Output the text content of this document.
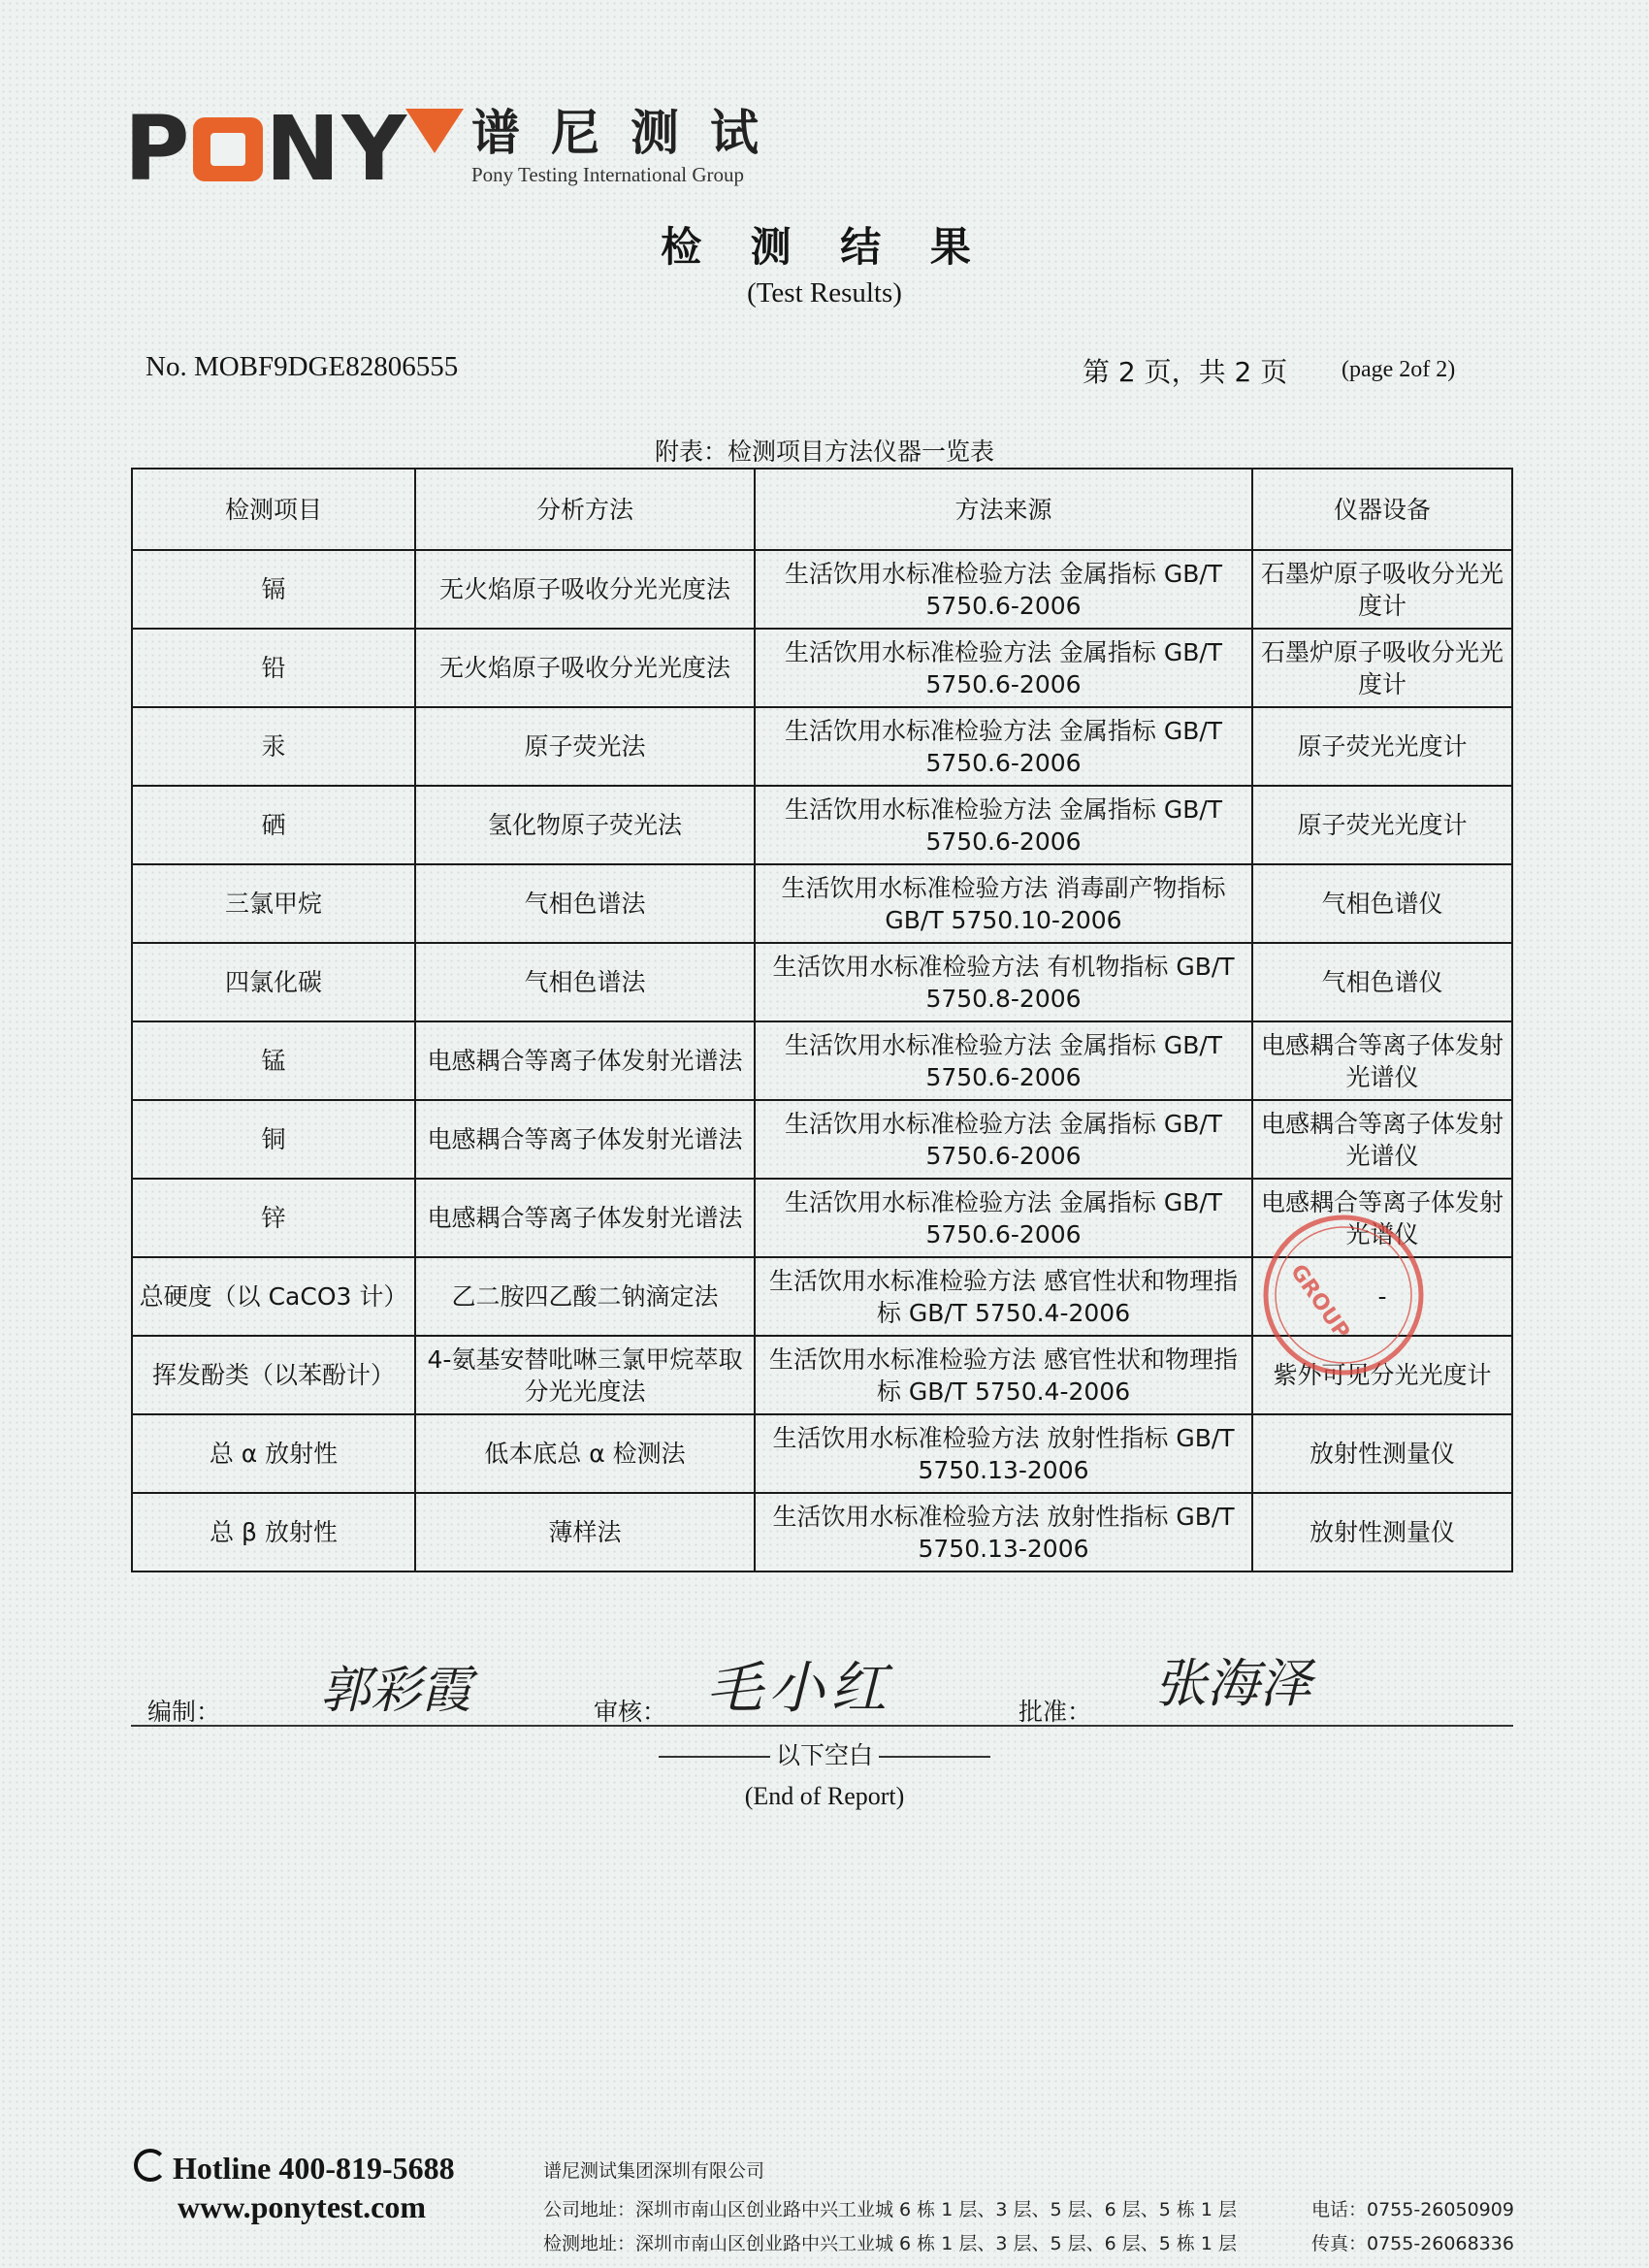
P NY 谱尼测试
Pony Testing International Group
检 测 结 果
(Test Results)
No. MOBF9DGE82806555	第 2 页，共 2 页 (page 2of 2)
附表：检测项目方法仪器一览表
检测项目	分析方法	方法来源	仪器设备
镉	无火焰原子吸收分光光度法	生活饮用水标准检验方法 金属指标 GB/T 5750.6-2006	石墨炉原子吸收分光光度计
铅	无火焰原子吸收分光光度法	生活饮用水标准检验方法 金属指标 GB/T 5750.6-2006	石墨炉原子吸收分光光度计
汞	原子荧光法	生活饮用水标准检验方法 金属指标 GB/T 5750.6-2006	原子荧光光度计
硒	氢化物原子荧光法	生活饮用水标准检验方法 金属指标 GB/T 5750.6-2006	原子荧光光度计
三氯甲烷	气相色谱法	生活饮用水标准检验方法 消毒副产物指标 GB/T 5750.10-2006	气相色谱仪
四氯化碳	气相色谱法	生活饮用水标准检验方法 有机物指标 GB/T 5750.8-2006	气相色谱仪
锰	电感耦合等离子体发射光谱法	生活饮用水标准检验方法 金属指标 GB/T 5750.6-2006	电感耦合等离子体发射光谱仪
铜	电感耦合等离子体发射光谱法	生活饮用水标准检验方法 金属指标 GB/T 5750.6-2006	电感耦合等离子体发射光谱仪
锌	电感耦合等离子体发射光谱法	生活饮用水标准检验方法 金属指标 GB/T 5750.6-2006	电感耦合等离子体发射光谱仪
总硬度（以 CaCO3 计）	乙二胺四乙酸二钠滴定法	生活饮用水标准检验方法 感官性状和物理指标 GB/T 5750.4-2006	-
挥发酚类（以苯酚计）	4-氨基安替吡啉三氯甲烷萃取分光光度法	生活饮用水标准检验方法 感官性状和物理指标 GB/T 5750.4-2006	紫外可见分光光度计
总 α 放射性	低本底总 α 检测法	生活饮用水标准检验方法 放射性指标 GB/T 5750.13-2006	放射性测量仪
总 β 放射性	薄样法	生活饮用水标准检验方法 放射性指标 GB/T 5750.13-2006	放射性测量仪
GROUP
编制： 郭彩霞	审核： 毛小红	批准： 张海泽
以下空白
(End of Report)
Hotline 400-819-5688
www.ponytest.com
谱尼测试集团深圳有限公司
公司地址：深圳市南山区创业路中兴工业城 6 栋 1 层、3 层、5 层、6 层、5 栋 1 层
检测地址：深圳市南山区创业路中兴工业城 6 栋 1 层、3 层、5 层、6 层、5 栋 1 层
电话：0755-26050909
传真：0755-26068336
